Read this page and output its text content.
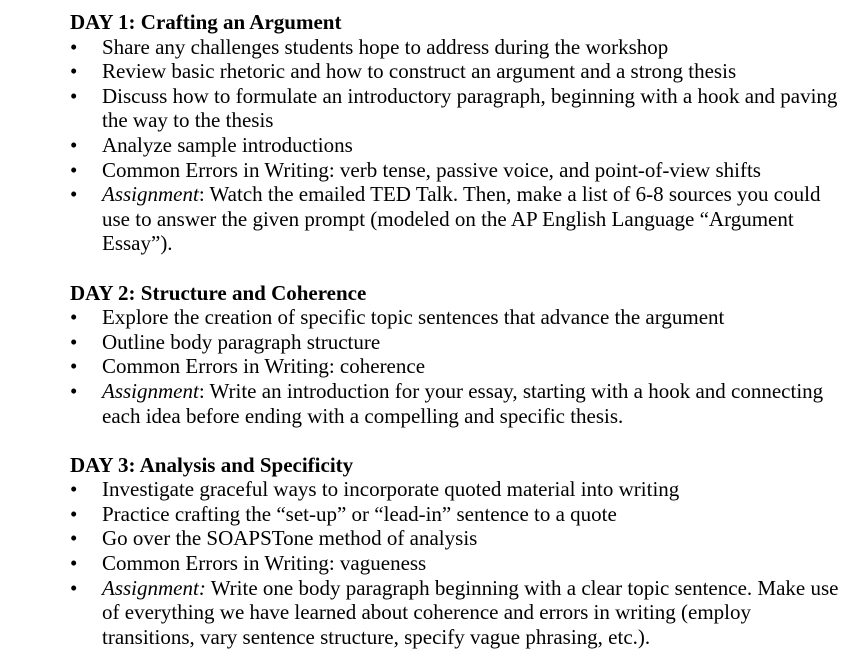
DAY 1: Crafting an Argument
• Share any challenges students hope to address during the workshop
• Review basic rhetoric and how to construct an argument and a strong thesis
• Discuss how to formulate an introductory paragraph, beginning with a hook and paving the way to the thesis
• Analyze sample introductions
• Common Errors in Writing: verb tense, passive voice, and point-of-view shifts
• Assignment: Watch the emailed TED Talk. Then, make a list of 6-8 sources you could use to answer the given prompt (modeled on the AP English Language “Argument Essay”).
DAY 2: Structure and Coherence
• Explore the creation of specific topic sentences that advance the argument
• Outline body paragraph structure
• Common Errors in Writing: coherence
• Assignment: Write an introduction for your essay, starting with a hook and connecting each idea before ending with a compelling and specific thesis.
DAY 3: Analysis and Specificity
• Investigate graceful ways to incorporate quoted material into writing
• Practice crafting the “set-up” or “lead-in” sentence to a quote
• Go over the SOAPSTone method of analysis
• Common Errors in Writing: vagueness
• Assignment: Write one body paragraph beginning with a clear topic sentence. Make use of everything we have learned about coherence and errors in writing (employ transitions, vary sentence structure, specify vague phrasing, etc.).
